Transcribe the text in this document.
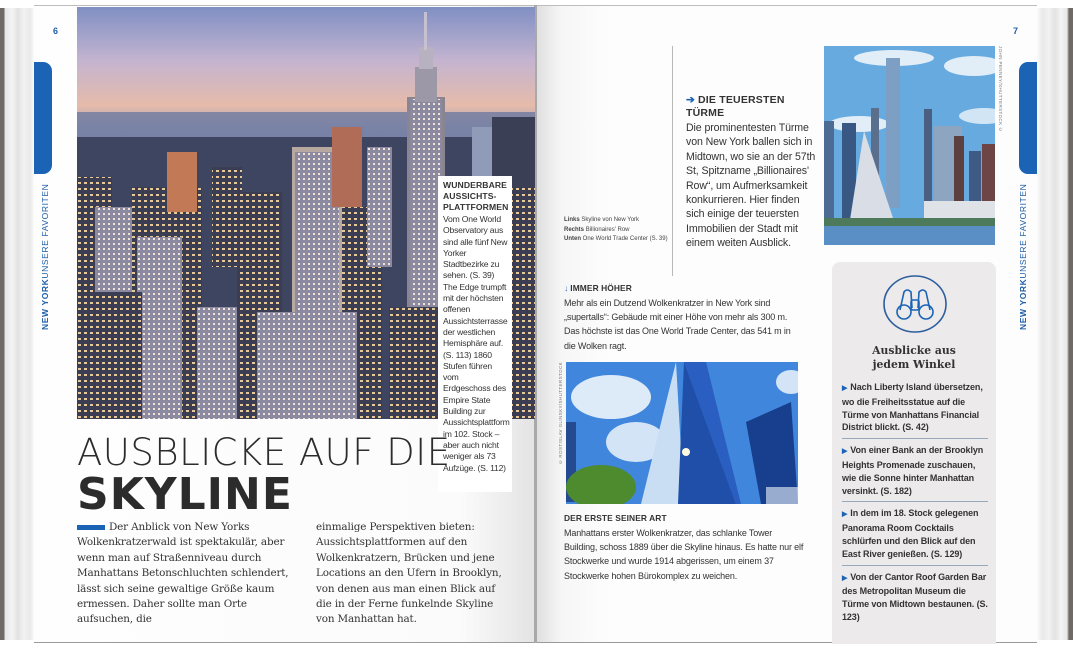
6
NEW YORKUNSERE FAVORITEN	WUNDERBARE AUSSICHTS-PLATTFORMEN

Vom One World Observatory aus sind alle fünf New Yorker Stadtbezirke zu sehen. (S. 39) The Edge trumpft mit der höchsten offenen Aussichtsterrasse der westlichen Hemisphäre auf. (S. 113) 1860 Stufen führen vom Erdgeschoss des Empire State Building zur Aussichtsplattform im 102. Stock – aber auch nicht weniger als 73 Aufzüge. (S. 112)

AUSBLICKE AUF DIE
SKYLINE
Der Anblick von New Yorks Wolkenkratzerwald ist spektakulär, aber wenn man auf Straßenniveau durch Manhattans Betonschluchten schlendert, lässt sich seine gewaltige Größe kaum ermessen. Daher sollte man Orte aufsuchen, die
einmalige Perspektiven bieten: Aussichtsplattformen auf den Wolkenkratzern, Brücken und jene Locations an den Ufern in Brooklyn, von denen aus man einen Blick auf die in der Ferne funkelnde Skyline von Manhattan hat.
7
NEW YORKUNSERE FAVORITEN
Links Skyline von New York
Rechts Billionaires' Row
Unten One World Trade Center (S. 39)
➔ DIE TEUERSTEN TÜRME

Die prominentesten Türme von New York ballen sich in Midtown, wo sie an der 57th St, Spitzname „Billionaires' Row“, um Aufmerksamkeit konkurrieren. Hier finden sich einige der teuersten Immobilien der Stadt mit einem weiten Ausblick.

JOHN PENNEY/SHUTTERSTOCK ©
↓ IMMER HÖHER

Mehr als ein Dutzend Wolkenkratzer in New York sind „supertalls“: Gebäude mit einer Höhe von mehr als 300 m. Das höchste ist das One World Trade Center, das 541 m in die Wolken ragt.

© ROSTISLAV GLINSKY/SHUTTERSTOCK
DER ERSTE SEINER ART

Manhattans erster Wolkenkratzer, das schlanke Tower Building, schoss 1889 über die Skyline hinaus. Es hatte nur elf Stockwerke und wurde 1914 abgerissen, um einem 37 Stockwerke hohen Bürokomplex zu weichen.

Ausblicke aus
jedem Winkel
▶ Nach Liberty Island übersetzen, wo die Freiheitsstatue auf die Türme von Manhattans Financial District blickt. (S. 42)
▶ Von einer Bank an der Brooklyn Heights Promenade zuschauen, wie die Sonne hinter Manhattan versinkt. (S. 182)
▶ In dem im 18. Stock gelegenen Panorama Room Cocktails schlürfen und den Blick auf den East River genießen. (S. 129)
▶ Von der Cantor Roof Garden Bar des Metropolitan Museum die Türme von Midtown bestaunen. (S. 123)
